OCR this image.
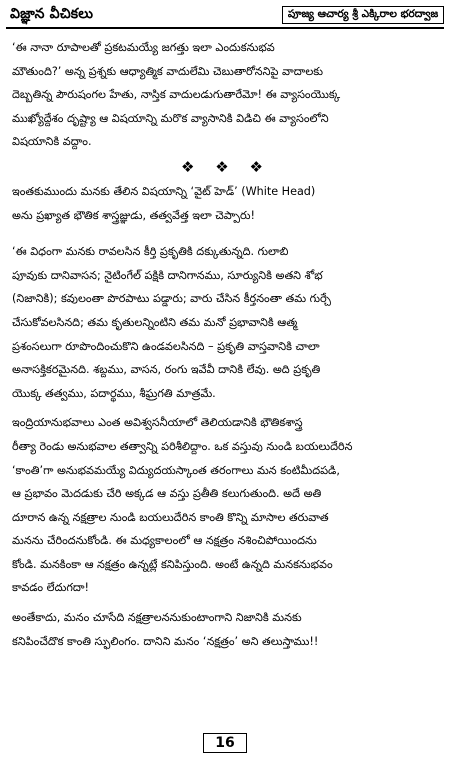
విజ్ఞాన వీచికలు	పూజ్య ఆచార్య శ్రీ ఎక్కిరాల భరద్వాజ

‘ఈ నానా రూపాలతో ప్రకటమయ్యే జగత్తు ఇలా ఎందుకనుభవ
మౌతుంది?’ అన్న ప్రశ్నకు ఆధ్యాత్మిక వాదులేమి చెబుతారోననిపై వాదాలకు
దెబ్బతిన్న పౌరుషంగల హేతు, నాస్తిక వాదులడుగుతారేమో! ఈ వ్యాసంయొక్క
ముఖ్యోద్దేశం దృష్ట్యా ఆ విషయాన్ని మరొక వ్యాసానికి విడిచి ఈ వ్యాసంలోని
విషయానికి వద్దాం.

❖ ❖ ❖

ఇంతకుముందు మనకు తేలిన విషయాన్ని ‘వైట్ హెడ్’ (White Head)
అను ప్రఖ్యాత భౌతిక శాస్త్రజ్ఞుడు, తత్వవేత్త ఇలా చెప్పారు!

‘ఈ విధంగా మనకు రావలసిన కీర్తి ప్రకృతికి దక్కుతున్నది. గులాబి
పూవుకు దానివాసన; నైటింగేల్ పక్షికి దానిగానము, సూర్యునికి అతని శోభ
(నిజానికి); కవులంతా పొరపాటు పడ్డారు; వారు చేసిన కీర్తనంతా తమ గుర్చే
చేసుకోవలసినది; తమ కృతులన్నింటిని తమ మనో ప్రభావానికి ఆత్మ
ప్రశంసలుగా రూపొందించుకొని ఉండవలసినది – ప్రకృతి వాస్తవానికి చాలా
అనాసక్తికరమైనది. శబ్దము, వాసన, రంగు ఇవేవీ దానికి లేవు. అది ప్రకృతి
యొక్క తత్వము, పదార్థము, శీఘ్రగతి మాత్రమే.

ఇంద్రియానుభవాలు ఎంత అవిశ్వసనీయాలో తెలియడానికి భౌతికశాస్త్ర
రీత్యా రెండు అనుభవాల తత్వాన్ని పరిశీలిద్దాం. ఒక వస్తువు నుండి బయలుదేరిన
‘కాంతి’గా అనుభవమయ్యే విద్యుదయస్కాంత తరంగాలు మన కంటిమీదపడి,
ఆ ప్రభావం మెదడుకు చేరి అక్కడ ఆ వస్తు ప్రతీతి కలుగుతుంది. అదే అతి
దూరాన ఉన్న నక్షత్రాల నుండి బయలుదేరిన కాంతి కొన్ని మాసాల తరువాత
మనను చేరిందనుకోండి. ఈ మధ్యకాలంలో ఆ నక్షత్రం నశించిపోయిందను
కోండి. మనకింకా ఆ నక్షత్రం ఉన్నట్లే కనిపిస్తుంది. అంటే ఉన్నది మనకనుభవం
కావడం లేదుగదా!

అంతేకాదు, మనం చూసేది నక్షత్రాలననుకుంటాంగాని నిజానికి మనకు
కనిపించేదొక కాంతి స్ఫులింగం. దానిని మనం ‘నక్షత్రం’ అని తలుస్తాము!!

16
